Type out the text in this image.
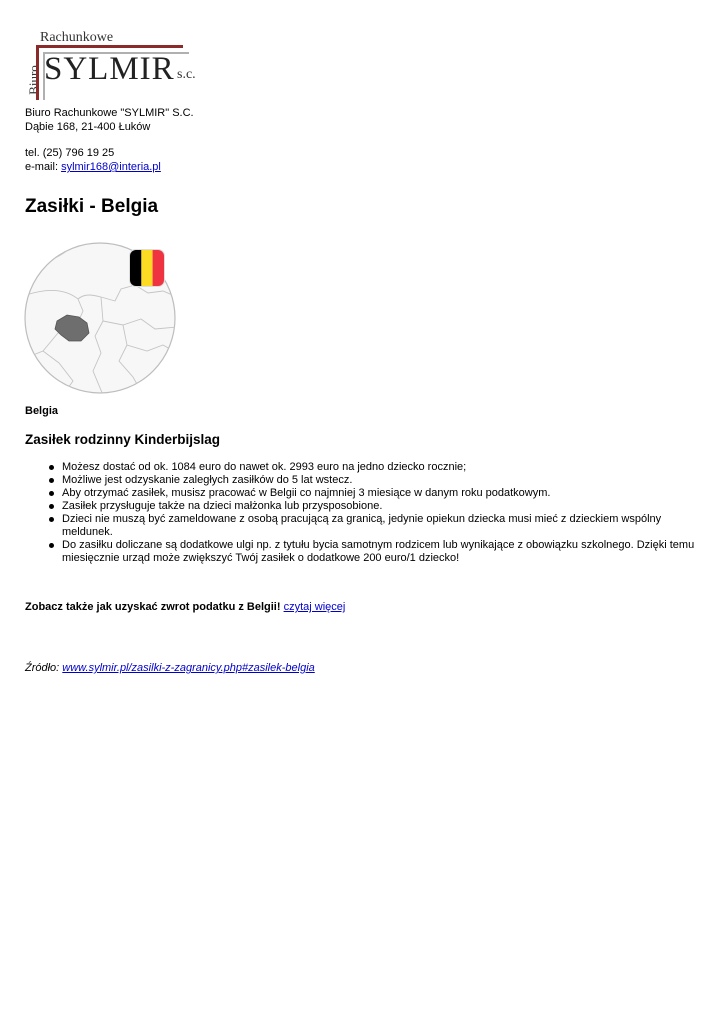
Rachunkowe
Biuro SYLMIR s.c.

Biuro Rachunkowe "SYLMIR" S.C.

Dąbie 168, 21-400 Łuków

tel. (25) 796 19 25

e-mail: sylmir168@interia.pl

Zasiłki - Belgia

Belgia

Zasiłek rodzinny Kinderbijslag
Możesz dostać od ok. 1084 euro do nawet ok. 2993 euro na jedno dziecko rocznie;
Możliwe jest odzyskanie zaległych zasiłków do 5 lat wstecz.
Aby otrzymać zasiłek, musisz pracować w Belgii co najmniej 3 miesiące w danym roku podatkowym.
Zasiłek przysługuje także na dzieci małżonka lub przysposobione.
Dzieci nie muszą być zameldowane z osobą pracującą za granicą, jedynie opiekun dziecka musi mieć z dzieckiem wspólny meldunek.
Do zasiłku doliczane są dodatkowe ulgi np. z tytułu bycia samotnym rodzicem lub wynikające z obowiązku szkolnego. Dzięki temu miesięcznie urząd może zwiększyć Twój zasiłek o dodatkowe 200 euro/1 dziecko!

Zobacz także jak uzyskać zwrot podatku z Belgii! czytaj więcej

Źródło: www.sylmir.pl/zasilki-z-zagranicy.php#zasilek-belgia
